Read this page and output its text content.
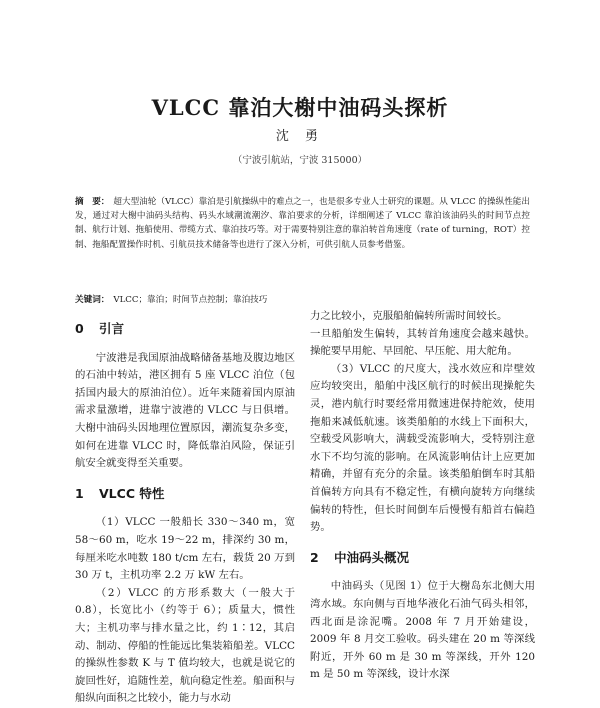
VLCC 靠泊大榭中油码头探析
沈 勇
（宁波引航站，宁波 315000）
摘　要： 超大型油轮（VLCC）靠泊是引航操纵中的难点之一，也是很多专业人士研究的课题。从 VLCC 的操纵性能出发，通过对大榭中油码头结构、码头水域潮流潮汐、靠泊要求的分析，详细阐述了 VLCC 靠泊该油码头的时间节点控制、航行计划、拖船使用、带缆方式、靠泊技巧等。对于需要特别注意的靠泊转首角速度（rate of turning，ROT）控制、拖船配置操作时机、引航员技术储备等也进行了深入分析，可供引航人员参考借鉴。
关键词： VLCC；靠泊；时间节点控制；靠泊技巧
0 引言

宁波港是我国原油战略储备基地及腹边地区的石油中转站，港区拥有 5 座 VLCC 泊位（包括国内最大的原油泊位）。近年来随着国内原油需求量激增，进靠宁波港的 VLCC 与日俱增。大榭中油码头因地理位置原因，潮流复杂多变，如何在进靠 VLCC 时，降低靠泊风险，保证引航安全就变得至关重要。

1 VLCC 特性

（1）VLCC 一般船长 330～340 m，宽 58～60 m，吃水 19～22 m，排深约 30 m，每厘米吃水吨数 180 t/cm 左右，载货 20 万到 30 万 t，主机功率 2.2 万 kW 左右。

（2）VLCC 的方形系数大（一般大于 0.8），长宽比小（约等于 6）；质量大，惯性大；主机功率与排水量之比，约 1∶12，其启动、制动、停船的性能远比集装箱船差。VLCC 的操纵性参数 K 与 T 值均较大，也就是说它的旋回性好，追随性差，航向稳定性差。船面积与船纵向面积之比较小，能力与水动

力之比较小，克服船舶偏转所需时间较长。

一旦船舶发生偏转，其转首角速度会越来越快。操舵要早用舵、早回舵、早压舵、用大舵角。

（3）VLCC 的尺度大，浅水效应和岸壁效应均较突出，船舶中浅区航行的时候出现操舵失灵，港内航行时要经常用微速进保持舵效，使用拖船来减低航速。该类船舶的水线上下面积大，空载受风影响大，满载受流影响大，受特别注意水下不均匀流的影响。在风流影响估计上应更加精确，并留有充分的余量。该类船舶倒车时其船首偏转方向具有不稳定性，有横向旋转方向继续偏转的特性，但长时间倒车后慢慢有船首右偏趋势。

2 中油码头概况

中油码头（见图 1）位于大榭岛东北侧大用湾水域。东向侧与百地华液化石油气码头相邻，西北面是涂泥嘴。2008 年 7 月开始建设，2009 年 8 月交工验收。码头建在 20 m 等深线附近，开外 60 m 是 30 m 等深线，开外 120 m 是 50 m 等深线，设计水深
